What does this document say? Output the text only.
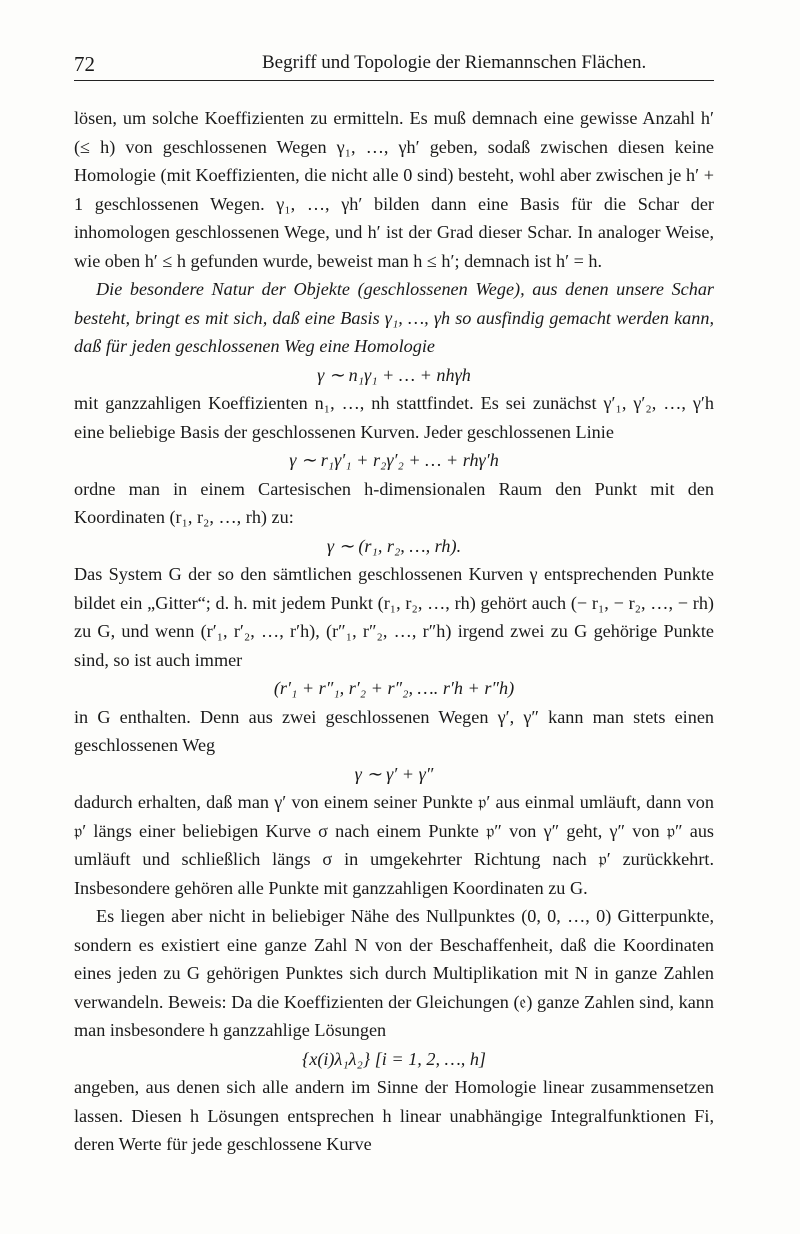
72	Begriff und Topologie der Riemannschen Flächen.

lösen, um solche Koeffizienten zu ermitteln. Es muß demnach eine gewisse Anzahl h′ (≤ h) von geschlossenen Wegen γ₁, …, γh′ geben, sodaß zwischen diesen keine Homologie (mit Koeffizienten, die nicht alle 0 sind) besteht, wohl aber zwischen je h′ + 1 geschlossenen Wegen. γ₁, …, γh′ bilden dann eine Basis für die Schar der inhomologen geschlossenen Wege, und h′ ist der Grad dieser Schar. In analoger Weise, wie oben h′ ≤ h gefunden wurde, beweist man h ≤ h′; demnach ist h′ = h.

Die besondere Natur der Objekte (geschlossenen Wege), aus denen unsere Schar besteht, bringt es mit sich, daß eine Basis γ₁, …, γh so ausfindig gemacht werden kann, daß für jeden geschlossenen Weg eine Homologie

γ ∼ n₁γ₁ + … + nhγh

mit ganzzahligen Koeffizienten n₁, …, nh stattfindet. Es sei zunächst γ′₁, γ′₂, …, γ′h eine beliebige Basis der geschlossenen Kurven. Jeder geschlossenen Linie

γ ∼ r₁γ′₁ + r₂γ′₂ + … + rhγ′h

ordne man in einem Cartesischen h-dimensionalen Raum den Punkt mit den Koordinaten (r₁, r₂, …, rh) zu:

γ ∼ (r₁, r₂, …, rh).

Das System G der so den sämtlichen geschlossenen Kurven γ entsprechenden Punkte bildet ein „Gitter“; d. h. mit jedem Punkt (r₁, r₂, …, rh) gehört auch (− r₁, − r₂, …, − rh) zu G, und wenn (r′₁, r′₂, …, r′h), (r″₁, r″₂, …, r″h) irgend zwei zu G gehörige Punkte sind, so ist auch immer

(r′₁ + r″₁, r′₂ + r″₂, …. r′h + r″h)

in G enthalten. Denn aus zwei geschlossenen Wegen γ′, γ″ kann man stets einen geschlossenen Weg

γ ∼ γ′ + γ″

dadurch erhalten, daß man γ′ von einem seiner Punkte 𝔭′ aus einmal umläuft, dann von 𝔭′ längs einer beliebigen Kurve σ nach einem Punkte 𝔭″ von γ″ geht, γ″ von 𝔭″ aus umläuft und schließlich längs σ in umgekehrter Richtung nach 𝔭′ zurückkehrt. Insbesondere gehören alle Punkte mit ganzzahligen Koordinaten zu G.

Es liegen aber nicht in beliebiger Nähe des Nullpunktes (0, 0, …, 0) Gitterpunkte, sondern es existiert eine ganze Zahl N von der Beschaffenheit, daß die Koordinaten eines jeden zu G gehörigen Punktes sich durch Multiplikation mit N in ganze Zahlen verwandeln. Beweis: Da die Koeffizienten der Gleichungen (𝔢) ganze Zahlen sind, kann man insbesondere h ganzzahlige Lösungen

{x(i)λ₁λ₂} [i = 1, 2, …, h]

angeben, aus denen sich alle andern im Sinne der Homologie linear zusammensetzen lassen. Diesen h Lösungen entsprechen h linear unabhängige Integralfunktionen Fi, deren Werte für jede geschlossene Kurve
